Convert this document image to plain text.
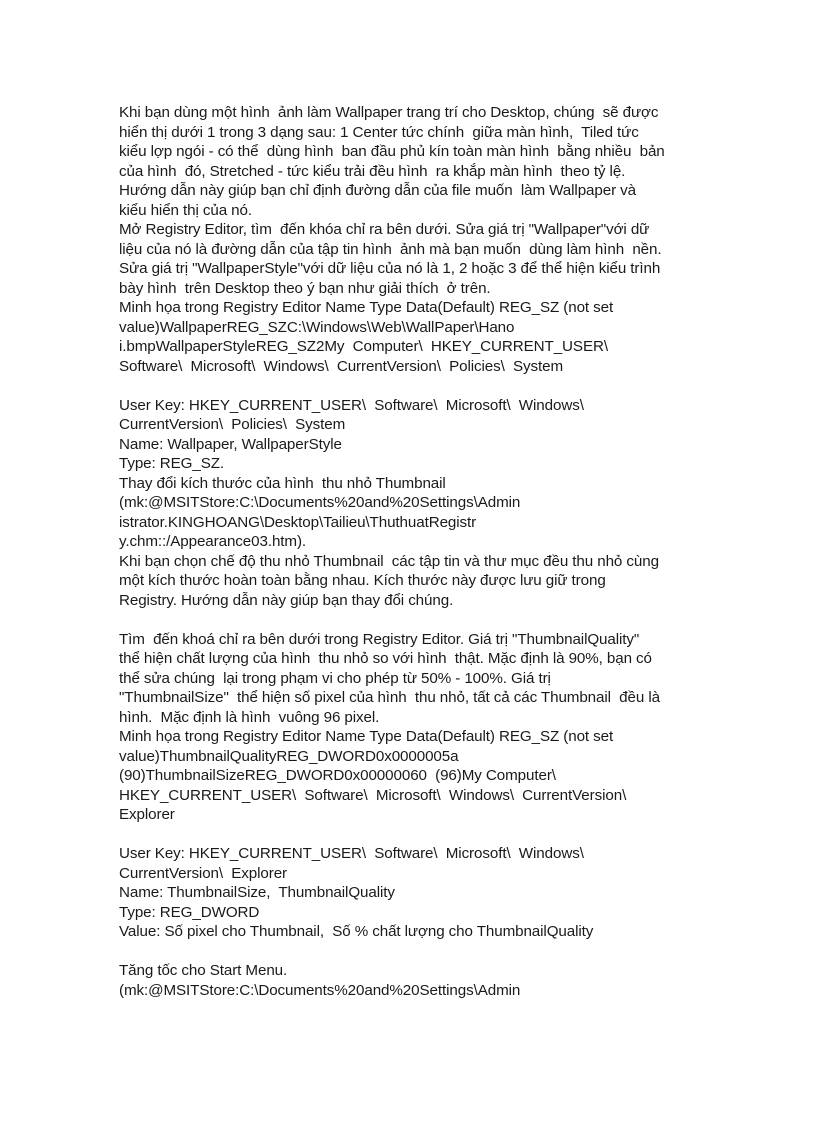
Khi bạn dùng một hình  ảnh làm Wallpaper trang trí cho Desktop, chúng  sẽ được
hiển thị dưới 1 trong 3 dạng sau: 1 Center tức chính  giữa màn hình,  Tiled tức
kiểu lợp ngói - có thể  dùng hình  ban đầu phủ kín toàn màn hình  bằng nhiều  bản
của hình  đó, Stretched - tức kiểu trải đều hình  ra khắp màn hình  theo tỷ lệ.
Hướng dẫn này giúp bạn chỉ định đường dẫn của file muốn  làm Wallpaper và
kiểu hiển thị của nó.
Mở Registry Editor, tìm  đến khóa chỉ ra bên dưới. Sửa giá trị "Wallpaper"với dữ
liệu của nó là đường dẫn của tập tin hình  ảnh mà bạn muốn  dùng làm hình  nền.
Sửa giá trị "WallpaperStyle"với dữ liệu của nó là 1, 2 hoặc 3 để thể hiện kiểu trình
bày hình  trên Desktop theo ý bạn như giải thích  ở trên.
Minh họa trong Registry Editor Name Type Data(Default) REG_SZ (not set
value)WallpaperREG_SZC:\Windows\Web\WallPaper\Hano
i.bmpWallpaperStyleREG_SZ2My  Computer\  HKEY_CURRENT_USER\
Software\  Microsoft\  Windows\  CurrentVersion\  Policies\  System
User Key: HKEY_CURRENT_USER\  Software\  Microsoft\  Windows\
CurrentVersion\  Policies\  System
Name: Wallpaper, WallpaperStyle
Type: REG_SZ.
Thay đổi kích thước của hình  thu nhỏ Thumbnail
(mk:@MSITStore:C:\Documents%20and%20Settings\Admin
istrator.KINGHOANG\Desktop\Tailieu\ThuthuatRegistr
y.chm::/Appearance03.htm).
Khi bạn chọn chế độ thu nhỏ Thumbnail  các tập tin và thư mục đều thu nhỏ cùng
một kích thước hoàn toàn bằng nhau. Kích thước này được lưu giữ trong
Registry. Hướng dẫn này giúp bạn thay đổi chúng.
Tìm  đến khoá chỉ ra bên dưới trong Registry Editor. Giá trị "ThumbnailQuality"
thể hiện chất lượng của hình  thu nhỏ so với hình  thật. Mặc định là 90%, bạn có
thể sửa chúng  lại trong phạm vi cho phép từ 50% - 100%. Giá trị
"ThumbnailSize"  thể hiện số pixel của hình  thu nhỏ, tất cả các Thumbnail  đều là
hình.  Mặc định là hình  vuông 96 pixel.
Minh họa trong Registry Editor Name Type Data(Default) REG_SZ (not set
value)ThumbnailQualityREG_DWORD0x0000005a
(90)ThumbnailSizeREG_DWORD0x00000060  (96)My Computer\
HKEY_CURRENT_USER\  Software\  Microsoft\  Windows\  CurrentVersion\
Explorer
User Key: HKEY_CURRENT_USER\  Software\  Microsoft\  Windows\
CurrentVersion\  Explorer
Name: ThumbnailSize,  ThumbnailQuality
Type: REG_DWORD
Value: Số pixel cho Thumbnail,  Số % chất lượng cho ThumbnailQuality
Tăng tốc cho Start Menu.
(mk:@MSITStore:C:\Documents%20and%20Settings\Admin
